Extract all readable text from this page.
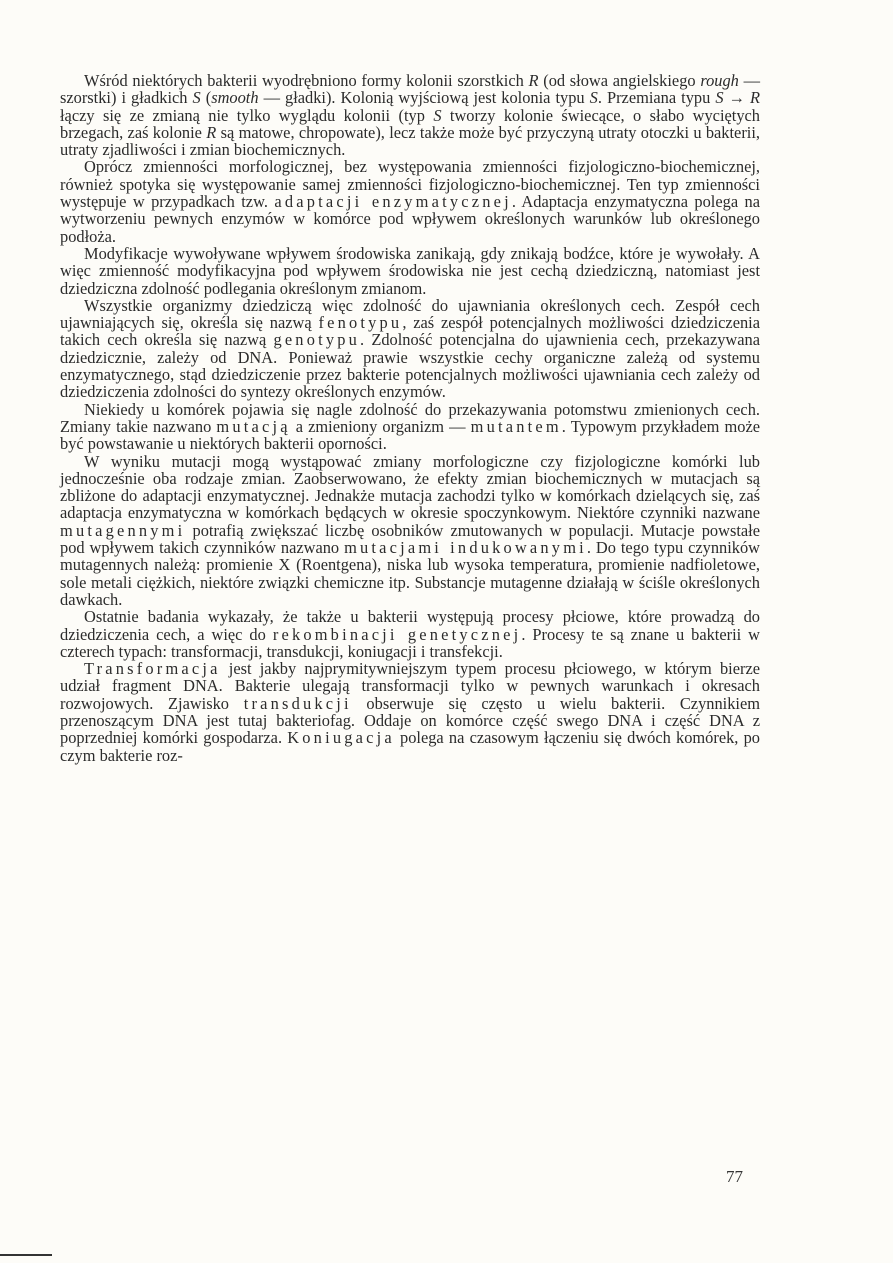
Wśród niektórych bakterii wyodrębniono formy kolonii szorstkich R (od słowa angielskiego rough — szorstki) i gładkich S (smooth — gładki). Kolonią wyjściową jest kolonia typu S. Przemiana typu S → R łączy się ze zmianą nie tylko wyglądu kolonii (typ S tworzy kolonie świecące, o słabo wyciętych brzegach, zaś kolonie R są matowe, chropowate), lecz także może być przyczyną utraty otoczki u bakterii, utraty zjadliwości i zmian biochemicznych.

Oprócz zmienności morfologicznej, bez występowania zmienności fizjologiczno-biochemicznej, również spotyka się występowanie samej zmienności fizjologiczno-biochemicznej. Ten typ zmienności występuje w przypadkach tzw. adaptacji enzymatycznej. Adaptacja enzymatyczna polega na wytworzeniu pewnych enzymów w komórce pod wpływem określonych warunków lub określonego podłoża.

Modyfikacje wywoływane wpływem środowiska zanikają, gdy znikają bodźce, które je wywołały. A więc zmienność modyfikacyjna pod wpływem środowiska nie jest cechą dziedziczną, natomiast jest dziedziczna zdolność podlegania określonym zmianom.

Wszystkie organizmy dziedziczą więc zdolność do ujawniania określonych cech. Zespół cech ujawniających się, określa się nazwą fenotypu, zaś zespół potencjalnych możliwości dziedziczenia takich cech określa się nazwą genotypu. Zdolność potencjalna do ujawnienia cech, przekazywana dziedzicznie, zależy od DNA. Ponieważ prawie wszystkie cechy organiczne zależą od systemu enzymatycznego, stąd dziedziczenie przez bakterie potencjalnych możliwości ujawniania cech zależy od dziedziczenia zdolności do syntezy określonych enzymów.

Niekiedy u komórek pojawia się nagle zdolność do przekazywania potomstwu zmienionych cech. Zmiany takie nazwano mutacją a zmieniony organizm — mutantem. Typowym przykładem może być powstawanie u niektórych bakterii oporności.

W wyniku mutacji mogą wystąpować zmiany morfologiczne czy fizjologiczne komórki lub jednocześnie oba rodzaje zmian. Zaobserwowano, że efekty zmian biochemicznych w mutacjach są zbliżone do adaptacji enzymatycznej. Jednakże mutacja zachodzi tylko w komórkach dzielących się, zaś adaptacja enzymatyczna w komórkach będących w okresie spoczynkowym. Niektóre czynniki nazwane mutagennymi potrafią zwiększać liczbę osobników zmutowanych w populacji. Mutacje powstałe pod wpływem takich czynników nazwano mutacjami indukowanymi. Do tego typu czynników mutagennych należą: promienie X (Roentgena), niska lub wysoka temperatura, promienie nadfioletowe, sole metali ciężkich, niektóre związki chemiczne itp. Substancje mutagenne działają w ściśle określonych dawkach.

Ostatnie badania wykazały, że także u bakterii występują procesy płciowe, które prowadzą do dziedziczenia cech, a więc do rekombinacji genetycznej. Procesy te są znane u bakterii w czterech typach: transformacji, transdukcji, koniugacji i transfekcji.

Transformacja jest jakby najprymitywniejszym typem procesu płciowego, w którym bierze udział fragment DNA. Bakterie ulegają transformacji tylko w pewnych warunkach i okresach rozwojowych. Zjawisko transdukcji obserwuje się często u wielu bakterii. Czynnikiem przenoszącym DNA jest tutaj bakteriofag. Oddaje on komórce część swego DNA i część DNA z poprzedniej komórki gospodarza. Koniugacja polega na czasowym łączeniu się dwóch komórek, po czym bakterie roz-

77
